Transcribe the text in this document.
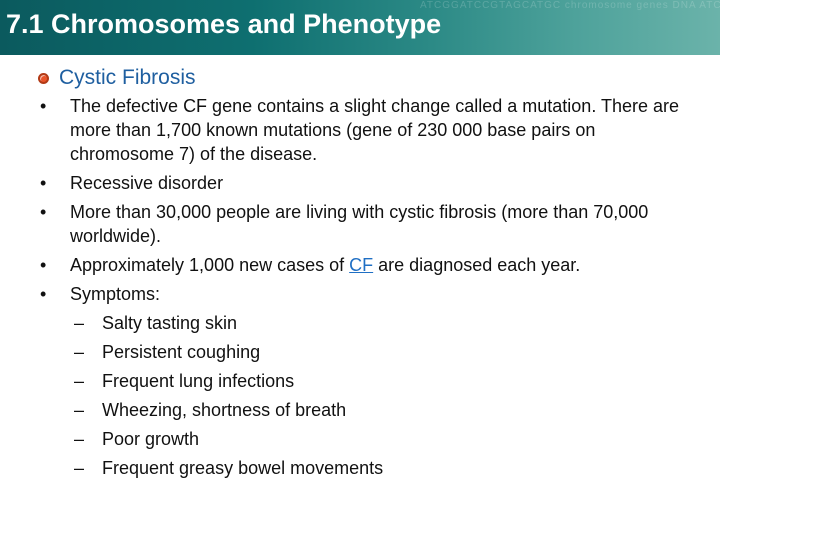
ATCGGATCCGTAGCATGC chromosome genes DNA ATCGGATCC phenotype
7.1 Chromosomes and Phenotype
Cystic Fibrosis
•	The defective CF gene contains a slight change called a mutation. There are more than 1,700 known mutations (gene of 230 000 base pairs on chromosome 7) of the disease.
•	Recessive disorder
•	More than 30,000 people are living with cystic fibrosis (more than 70,000 worldwide).
•	Approximately 1,000 new cases of CF are diagnosed each year.
•	Symptoms:
– Salty tasting skin
– Persistent coughing
– Frequent lung infections
– Wheezing, shortness of breath
– Poor growth
– Frequent greasy bowel movements
